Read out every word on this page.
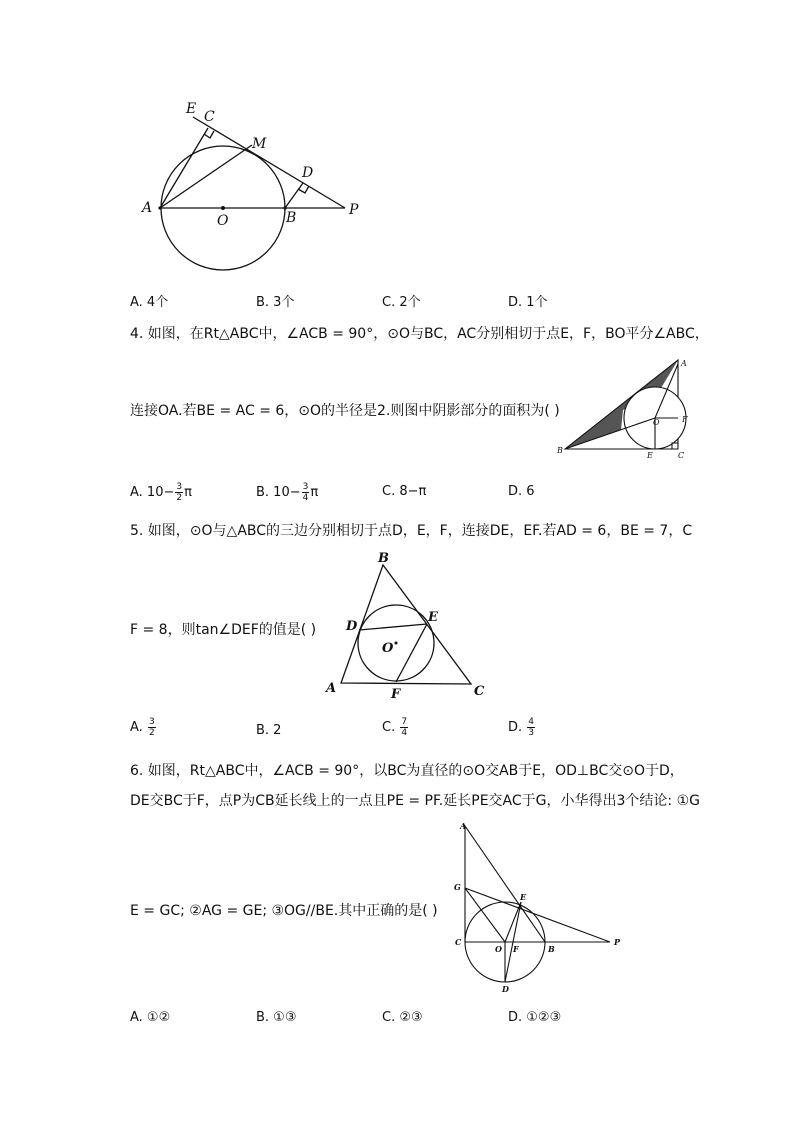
E C
M
D
A
O	B	P
A. 4个	B. 3个	C. 2个	D. 1个
4. 如图，在Rt△ABC中，∠ACB = 90°，⊙O与BC，AC分别相切于点E，F，BO平分∠ABC，
连接OA.若BE = AC = 6，⊙O的半径是2.则图中阴影部分的面积为( )
A
B
C
E
F
O
A. $10- \frac{3}{2}$ π	B. $10- \frac{3}{4}$ π	C. 8−π	D. 6
5. 如图，⊙O与△ABC的三边分别相切于点D，E，F，连接DE，EF.若AD = 6，BE = 7，C
F = 8，则tan∠DEF的值是( )
A
B
C
D
E
F
O
A. $\frac{3}{2}$	B. 2	C. $\frac{7}{4}$	D. $\frac{4}{3}$
6. 如图，Rt△ABC中，∠ACB = 90°，以BC为直径的⊙O交AB于E，OD⊥BC交⊙O于D，
DE交BC于F，点P为CB延长线上的一点且PE = PF.延长PE交AC于G，小华得出3个结论: ①G
E = GC; ②AG = GE; ③OG//BE.其中正确的是( )
A
G
E
C
O F	B
P
D
A. ①②	B. ①③	C. ②③	D. ①②③
